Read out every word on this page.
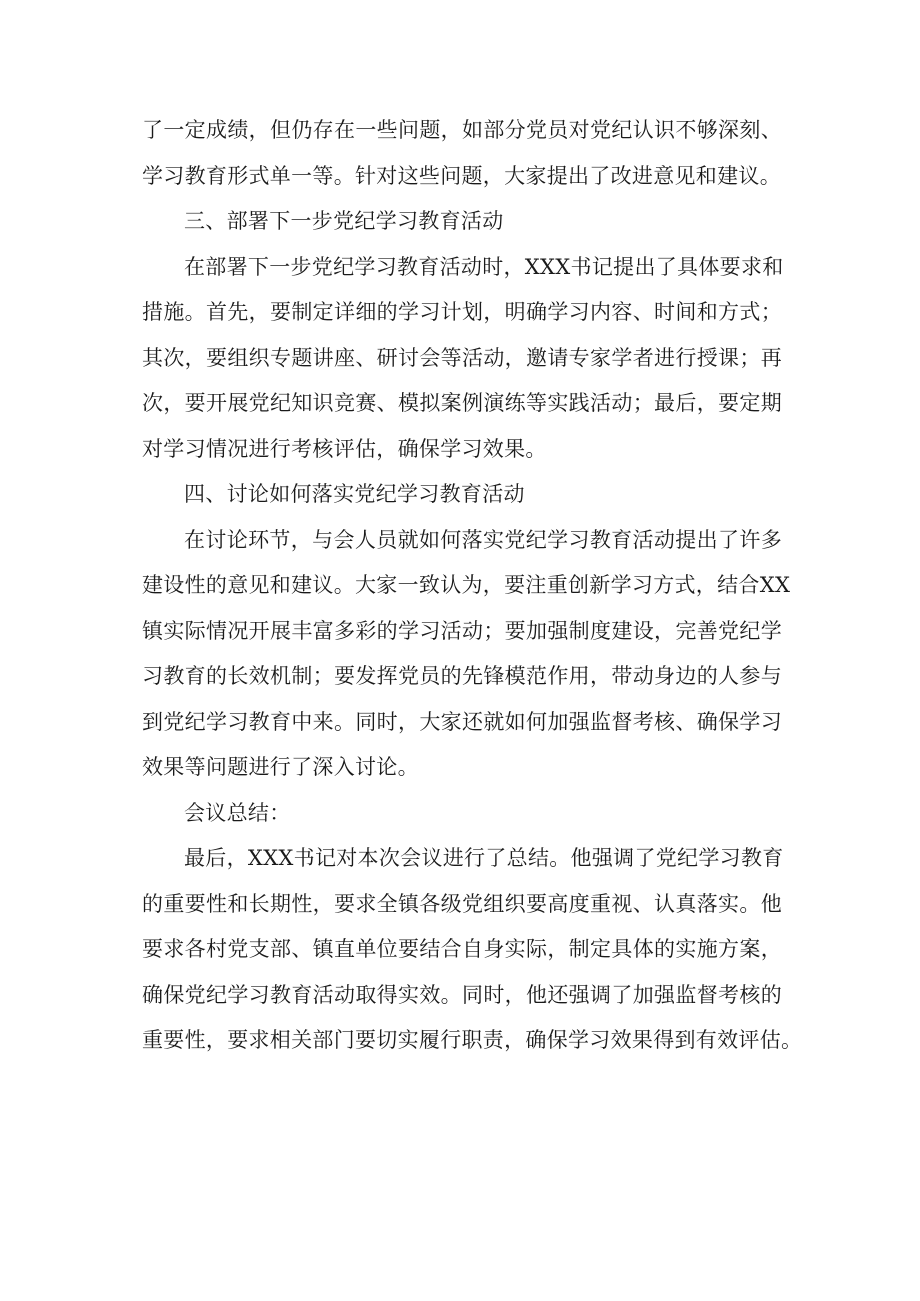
了一定成绩，但仍存在一些问题，如部分党员对党纪认识不够深刻、
学习教育形式单一等。针对这些问题，大家提出了改进意见和建议。
三、部署下一步党纪学习教育活动
在部署下一步党纪学习教育活动时，XXX书记提出了具体要求和
措施。首先，要制定详细的学习计划，明确学习内容、时间和方式；
其次，要组织专题讲座、研讨会等活动，邀请专家学者进行授课；再
次，要开展党纪知识竞赛、模拟案例演练等实践活动；最后，要定期
对学习情况进行考核评估，确保学习效果。
四、讨论如何落实党纪学习教育活动
在讨论环节，与会人员就如何落实党纪学习教育活动提出了许多
建设性的意见和建议。大家一致认为，要注重创新学习方式，结合XX
镇实际情况开展丰富多彩的学习活动；要加强制度建设，完善党纪学
习教育的长效机制；要发挥党员的先锋模范作用，带动身边的人参与
到党纪学习教育中来。同时，大家还就如何加强监督考核、确保学习
效果等问题进行了深入讨论。
会议总结：
最后，XXX书记对本次会议进行了总结。他强调了党纪学习教育
的重要性和长期性，要求全镇各级党组织要高度重视、认真落实。他
要求各村党支部、镇直单位要结合自身实际，制定具体的实施方案，
确保党纪学习教育活动取得实效。同时，他还强调了加强监督考核的
重要性，要求相关部门要切实履行职责，确保学习效果得到有效评估。
